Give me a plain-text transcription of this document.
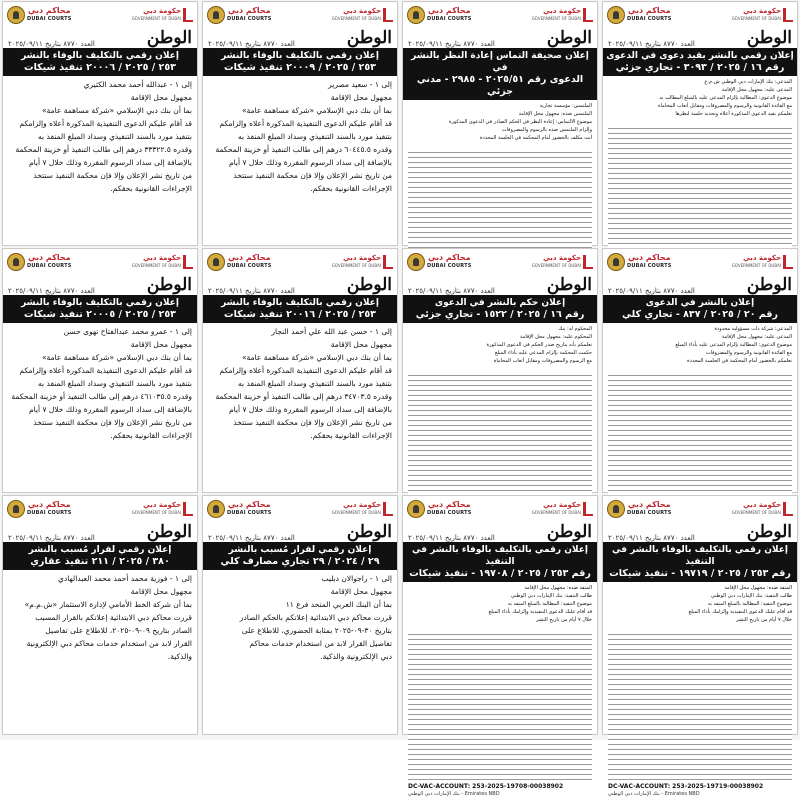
محاكم دبي
DUBAI COURTS
حكومة دبي
GOVERNMENT OF DUBAI
الوطن
العدد ٨٧٧٠ بتاريخ ٢٠٢٥/٠٩/١١
إعلان رقمي بالتكليف بالوفاء بالنشر
٢٥٣ / ٢٠٢٥ / ٢٠٠٠٦ تنفيذ شيكات

إلى ١ - عبدالله أحمد محمد الكثيري

مجهول محل الإقامة

بما أن بنك دبي الإسلامي «شركة مساهمة عامة»

قد أقام عليكم الدعوى التنفيذية المذكورة أعلاه وإلزامكم

بتنفيذ مورد بالسند التنفيذي وسداد المبلغ المنفذ به

وقدره ٣٣٣٢٢.٥ درهم إلى طالب التنفيذ أو خزينة المحكمة

بالإضافة إلى سداد الرسوم المقررة وذلك خلال ٧ أيام

من تاريخ نشر الإعلان وإلا فإن محكمة التنفيذ ستتخذ

الإجراءات القانونية بحقكم.

محاكم دبي
DUBAI COURTS
حكومة دبي
GOVERNMENT OF DUBAI
الوطن
العدد ٨٧٧٠ بتاريخ ٢٠٢٥/٠٩/١١
إعلان رقمي بالتكليف بالوفاء بالنشر
٢٥٣ / ٢٠٢٥ / ٢٠٠٠٩ تنفيذ شيكات

إلى ١ - سعيد مصرير

مجهول محل الإقامة

بما أن بنك دبي الإسلامي «شركة مساهمة عامة»

قد أقام عليكم الدعوى التنفيذية المذكورة أعلاه وإلزامكم

بتنفيذ مورد بالسند التنفيذي وسداد المبلغ المنفذ به

وقدره ٦٠٤٤٥.٥ درهم إلى طالب التنفيذ أو خزينة المحكمة

بالإضافة إلى سداد الرسوم المقررة وذلك خلال ٧ أيام

من تاريخ نشر الإعلان وإلا فإن محكمة التنفيذ ستتخذ

الإجراءات القانونية بحقكم.

محاكم دبي
DUBAI COURTS
حكومة دبي
GOVERNMENT OF DUBAI
الوطن
العدد ٨٧٧٠ بتاريخ ٢٠٢٥/٠٩/١١
إعلان صحيفة التماس إعادة النظر بالنشر في
الدعوى رقم ٢٠٢٥/٥١ - ٢٩٨٥ - مدني جزئي

الملتمس: مؤسسة تجارية

الملتمس ضده: مجهول محل الإقامة

موضوع الالتماس: إعادة النظر في الحكم الصادر في الدعوى المذكورة

وإلزام الملتمس ضده بالرسوم والمصروفات

أنت مكلف بالحضور أمام المحكمة في الجلسة المحددة

محاكم دبي
DUBAI COURTS
حكومة دبي
GOVERNMENT OF DUBAI
الوطن
العدد ٨٧٧٠ بتاريخ ٢٠٢٥/٠٩/١١
إعلان رقمي بالنشر بقيد دعوى في الدعوى
رقم ١٦ / ٢٠٢٥ / ٣٠٩٣ - تجاري جزئي

المدعي: بنك الإمارات دبي الوطني ش.م.ع

المدعى عليه: مجهول محل الإقامة

موضوع الدعوى: المطالبة بإلزام المدعى عليه بالمبلغ المطالب به

مع الفائدة القانونية والرسوم والمصروفات ومقابل أتعاب المحاماة

نعلمكم بقيد الدعوى المذكورة أعلاه وتحديد جلسة لنظرها

محاكم دبي
DUBAI COURTS
حكومة دبي
GOVERNMENT OF DUBAI
الوطن
العدد ٨٧٧٠ بتاريخ ٢٠٢٥/٠٩/١١
إعلان رقمي بالتكليف بالوفاء بالنشر
٢٥٣ / ٢٠٢٥ / ٢٠٠٠٥ تنفيذ شيكات

إلى ١ - عمرو محمد عبدالفتاح تهوى حسن

مجهول محل الإقامة

بما أن بنك دبي الإسلامي «شركة مساهمة عامة»

قد أقام عليكم الدعوى التنفيذية المذكورة أعلاه وإلزامكم

بتنفيذ مورد بالسند التنفيذي وسداد المبلغ المنفذ به

وقدره ٤٦١٠٣٥.٥ درهم إلى طالب التنفيذ أو خزينة المحكمة

بالإضافة إلى سداد الرسوم المقررة وذلك خلال ٧ أيام

من تاريخ نشر الإعلان وإلا فإن محكمة التنفيذ ستتخذ

الإجراءات القانونية بحقكم.

محاكم دبي
DUBAI COURTS
حكومة دبي
GOVERNMENT OF DUBAI
الوطن
العدد ٨٧٧٠ بتاريخ ٢٠٢٥/٠٩/١١
إعلان رقمي بالتكليف بالوفاء بالنشر
٢٥٣ / ٢٠٢٥ / ٢٠٠١٦ تنفيذ شيكات

إلى ١ - حسن عبد الله علي أحمد النجار

مجهول محل الإقامة

بما أن بنك دبي الإسلامي «شركة مساهمة عامة»

قد أقام عليكم الدعوى التنفيذية المذكورة أعلاه وإلزامكم

بتنفيذ مورد بالسند التنفيذي وسداد المبلغ المنفذ به

وقدره ٣٤٧٠٣.٥ درهم إلى طالب التنفيذ أو خزينة المحكمة

بالإضافة إلى سداد الرسوم المقررة وذلك خلال ٧ أيام

من تاريخ نشر الإعلان وإلا فإن محكمة التنفيذ ستتخذ

الإجراءات القانونية بحقكم.

محاكم دبي
DUBAI COURTS
حكومة دبي
GOVERNMENT OF DUBAI
الوطن
العدد ٨٧٧٠ بتاريخ ٢٠٢٥/٠٩/١١
إعلان حكم بالنشر في الدعوى
رقم ١٦ / ٢٠٢٥ / ١٥٢٢ - تجاري جزئي

المحكوم له: بنك

المحكوم عليه: مجهول محل الإقامة

نعلمكم بأنه بتاريخ صدر الحكم في الدعوى المذكورة

حكمت المحكمة بإلزام المدعى عليه بأداء المبلغ

مع الرسوم والمصروفات ومقابل أتعاب المحاماة

محاكم دبي
DUBAI COURTS
حكومة دبي
GOVERNMENT OF DUBAI
الوطن
العدد ٨٧٧٠ بتاريخ ٢٠٢٥/٠٩/١١
إعلان بالنشر في الدعوى
رقم ٢٠ / ٢٠٢٥ / ٨٣٧ - تجاري كلي

المدعي: شركة ذات مسؤولية محدودة

المدعى عليه: مجهول محل الإقامة

موضوع الدعوى: المطالبة بإلزام المدعى عليه بأداء المبلغ

مع الفائدة القانونية والرسوم والمصروفات

نعلمكم بالحضور أمام المحكمة في الجلسة المحددة

محاكم دبي
DUBAI COURTS
حكومة دبي
GOVERNMENT OF DUBAI
الوطن
العدد ٨٧٧٠ بتاريخ ٢٠٢٥/٠٩/١١
إعلان رقمي لقرار مُسبب بالنشر
٣٨٠ / ٢٠٢٥ / ٢١١ تنفيذ عقاري

إلى ١ - فوزية محمد أحمد محمد العبدالهادي

مجهول محل الإقامة

بما أن شركة الخط الأمامي لإدارة الاستثمار «ش.م.م»

قررت محاكم دبي الابتدائية إعلانكم بالقرار المسبب

الصادر بتاريخ ٠٩-٠٩-٢٠٢٥، للاطلاع على تفاصيل

القرار لابد من استخدام خدمات محاكم دبي الإلكترونية

والذكية.

محاكم دبي
DUBAI COURTS
حكومة دبي
GOVERNMENT OF DUBAI
الوطن
العدد ٨٧٧٠ بتاريخ ٢٠٢٥/٠٩/١١
إعلان رقمي لقرار مُسبب بالنشر
٢٩ / ٢٠٢٤ / ٢٩ تجاري مصارف كلي

إلى ١ - راجوالان دبليب

مجهول محل الإقامة

بما أن البنك العربي المتحد فرع ١١

قررت محاكم دبي الابتدائية إعلانكم بالحكم الصادر

بتاريخ ٣٠-٠٩-٢٠٢٥ بمثابة الحضوري، للاطلاع على

تفاصيل القرار لابد من استخدام خدمات محاكم

دبي الإلكترونية والذكية.

محاكم دبي
DUBAI COURTS
حكومة دبي
GOVERNMENT OF DUBAI
الوطن
العدد ٨٧٧٠ بتاريخ ٢٠٢٥/٠٩/١١
إعلان رقمي بالتكليف بالوفاء بالنشر في التنفيذ
رقم ٢٥٣ / ٢٠٢٥ / ١٩٧٠٨ - تنفيذ شيكات

المنفذ ضده: مجهول محل الإقامة

طالب التنفيذ: بنك الإمارات دبي الوطني

موضوع التنفيذ: المطالبة بالمبلغ المنفذ به

قد أقام عليك الدعوى التنفيذية وإلزامك بأداء المبلغ

خلال ٧ أيام من تاريخ النشر

DC-VAC-ACCOUNT: 253-2025-19708-00038902
بنك الإمارات دبي الوطني - Emirates NBD
محاكم دبي
DUBAI COURTS
حكومة دبي
GOVERNMENT OF DUBAI
الوطن
العدد ٨٧٧٠ بتاريخ ٢٠٢٥/٠٩/١١
إعلان رقمي بالتكليف بالوفاء بالنشر في التنفيذ
رقم ٢٥٣ / ٢٠٢٥ / ١٩٧١٩ - تنفيذ شيكات

المنفذ ضده: مجهول محل الإقامة

طالب التنفيذ: بنك الإمارات دبي الوطني

موضوع التنفيذ: المطالبة بالمبلغ المنفذ به

قد أقام عليك الدعوى التنفيذية وإلزامك بأداء المبلغ

خلال ٧ أيام من تاريخ النشر

DC-VAC-ACCOUNT: 253-2025-19719-00038902
بنك الإمارات دبي الوطني - Emirates NBD
